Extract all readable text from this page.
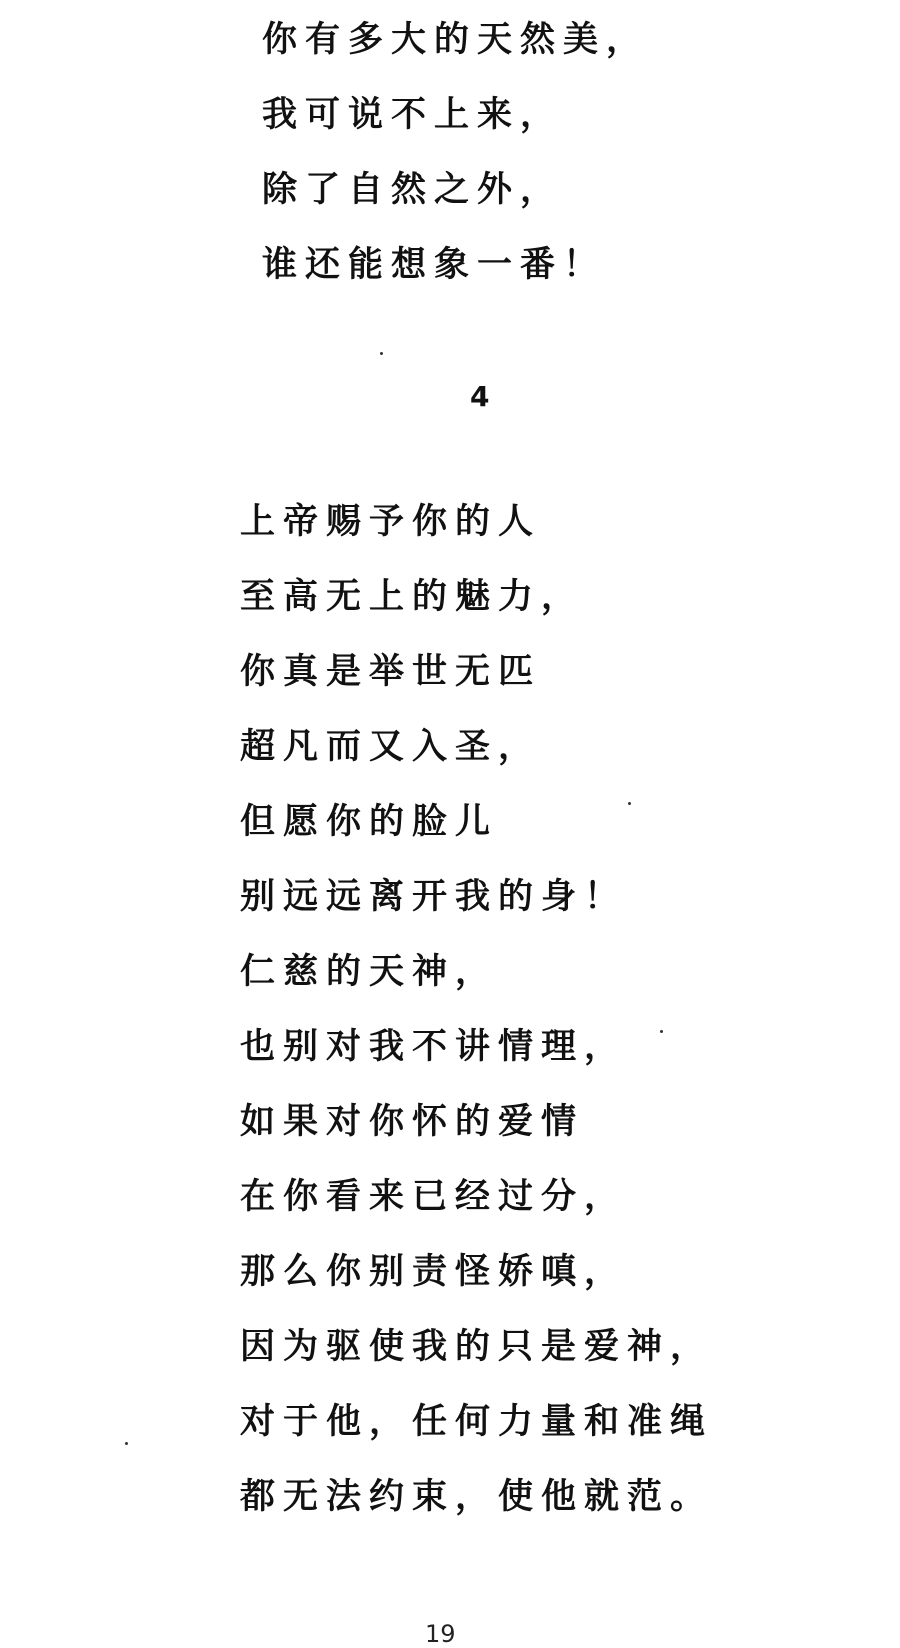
你有多大的天然美，
我可说不上来，
除了自然之外，
谁还能想象一番！
4
上帝赐予你的人
至高无上的魅力，
你真是举世无匹
超凡而又入圣，
但愿你的脸儿
别远远离开我的身！
仁慈的天神，
也别对我不讲情理，
如果对你怀的爱情
在你看来已经过分，
那么你别责怪娇嗔，
因为驱使我的只是爱神，
对于他，任何力量和准绳
都无法约束，使他就范。
19
